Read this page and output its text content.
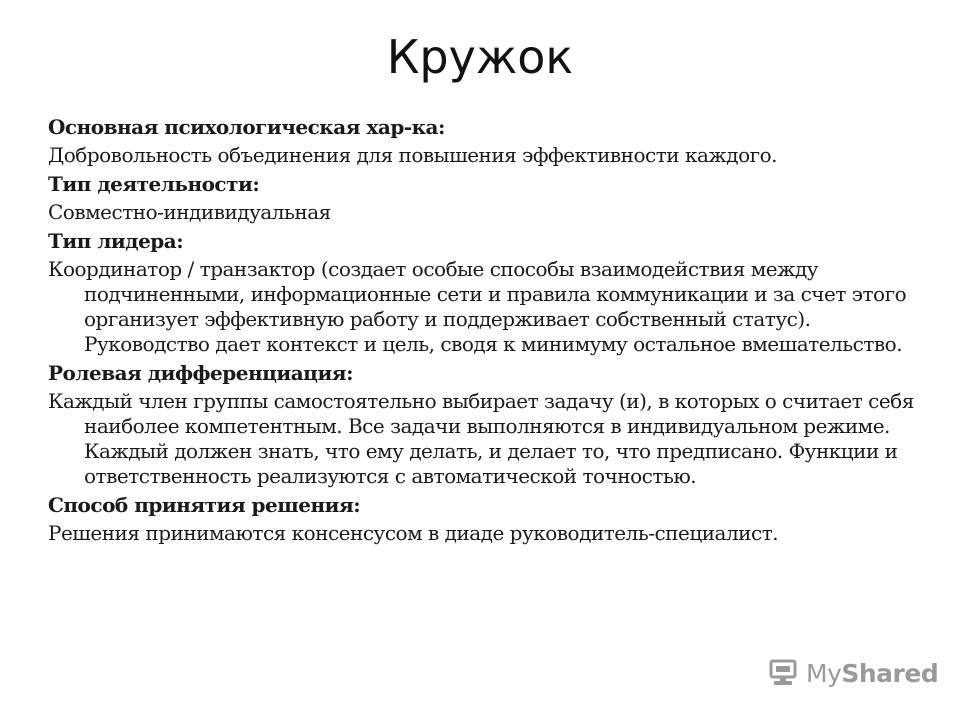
Кружок
Основная психологическая хар-ка:
Добровольность объединения для повышения эффективности каждого.
Тип деятельности:
Совместно-индивидуальная
Тип лидера:
Координатор / транзактор (создает особые способы взаимодействия между подчиненными, информационные сети и правила коммуникации и за счет этого организует эффективную работу и поддерживает собственный статус). Руководство дает контекст и цель, сводя к минимуму остальное вмешательство.
Ролевая дифференциация:
Каждый член группы самостоятельно выбирает задачу (и), в которых о считает себя наиболее компетентным. Все задачи выполняются в индивидуальном режиме. Каждый должен знать, что ему делать, и делает то, что предписано. Функции и ответственность реализуются с автоматической точностью.
Способ принятия решения:
Решения принимаются консенсусом в диаде руководитель-специалист.
MyShared
